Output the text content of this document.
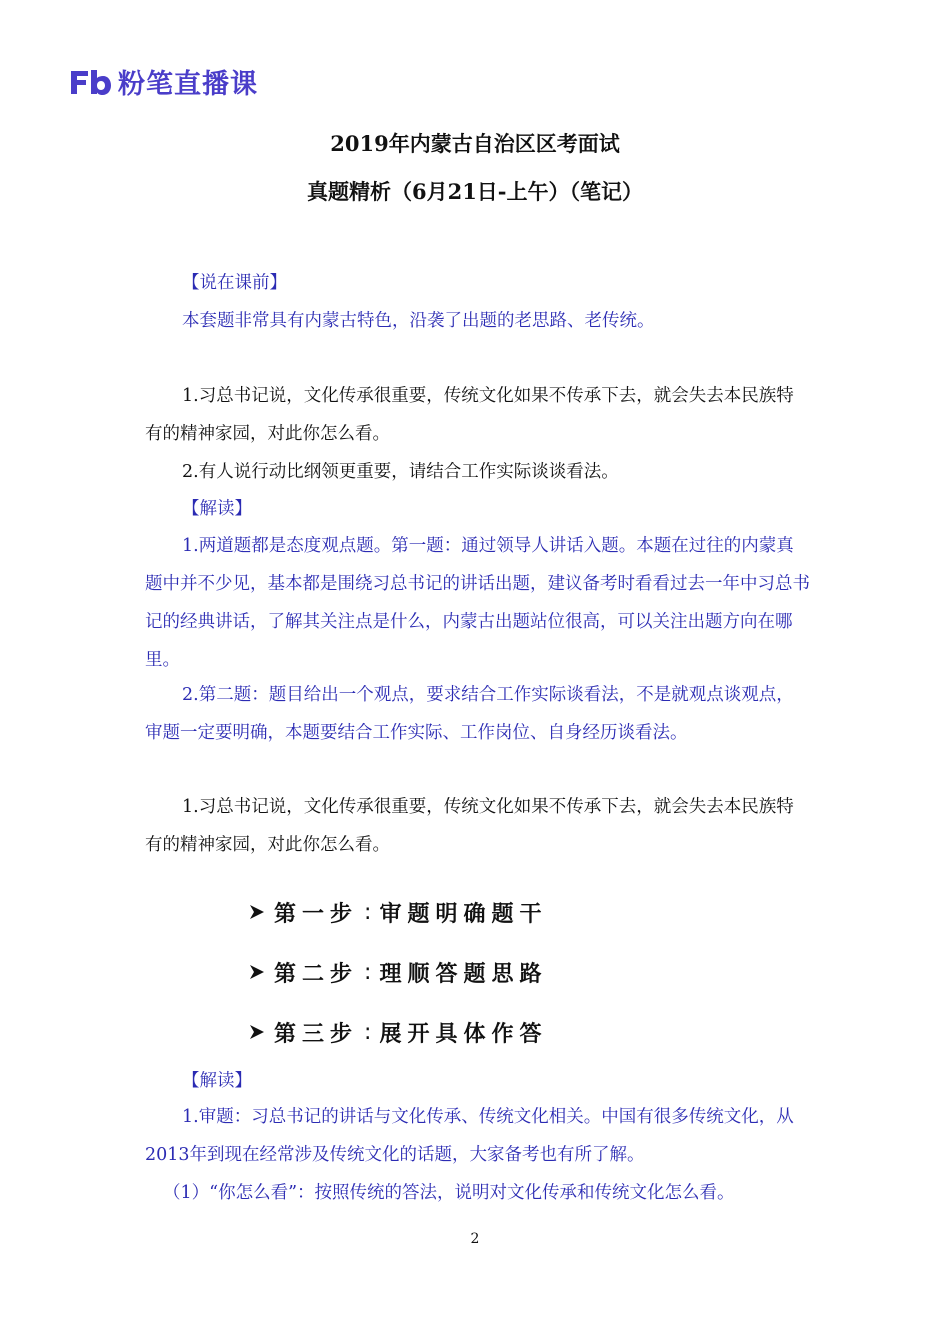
粉笔直播课
2019年内蒙古自治区区考面试
真题精析（6月21日-上午）（笔记）

【说在课前】

本套题非常具有内蒙古特色，沿袭了出题的老思路、老传统。

1.习总书记说，文化传承很重要，传统文化如果不传承下去，就会失去本民族特有的精神家园，对此你怎么看。

2.有人说行动比纲领更重要，请结合工作实际谈谈看法。

【解读】

1.两道题都是态度观点题。第一题：通过领导人讲话入题。本题在过往的内蒙真题中并不少见，基本都是围绕习总书记的讲话出题，建议备考时看看过去一年中习总书记的经典讲话，了解其关注点是什么，内蒙古出题站位很高，可以关注出题方向在哪里。

2.第二题：题目给出一个观点，要求结合工作实际谈看法，不是就观点谈观点，审题一定要明确，本题要结合工作实际、工作岗位、自身经历谈看法。

1.习总书记说，文化传承很重要，传统文化如果不传承下去，就会失去本民族特有的精神家园，对此你怎么看。

第一步 : 审题明确题干
第二步 : 理顺答题思路
第三步 : 展开具体作答

【解读】

1.审题：习总书记的讲话与文化传承、传统文化相关。中国有很多传统文化，从2013年到现在经常涉及传统文化的话题，大家备考也有所了解。

（1）“你怎么看”：按照传统的答法，说明对文化传承和传统文化怎么看。

2
